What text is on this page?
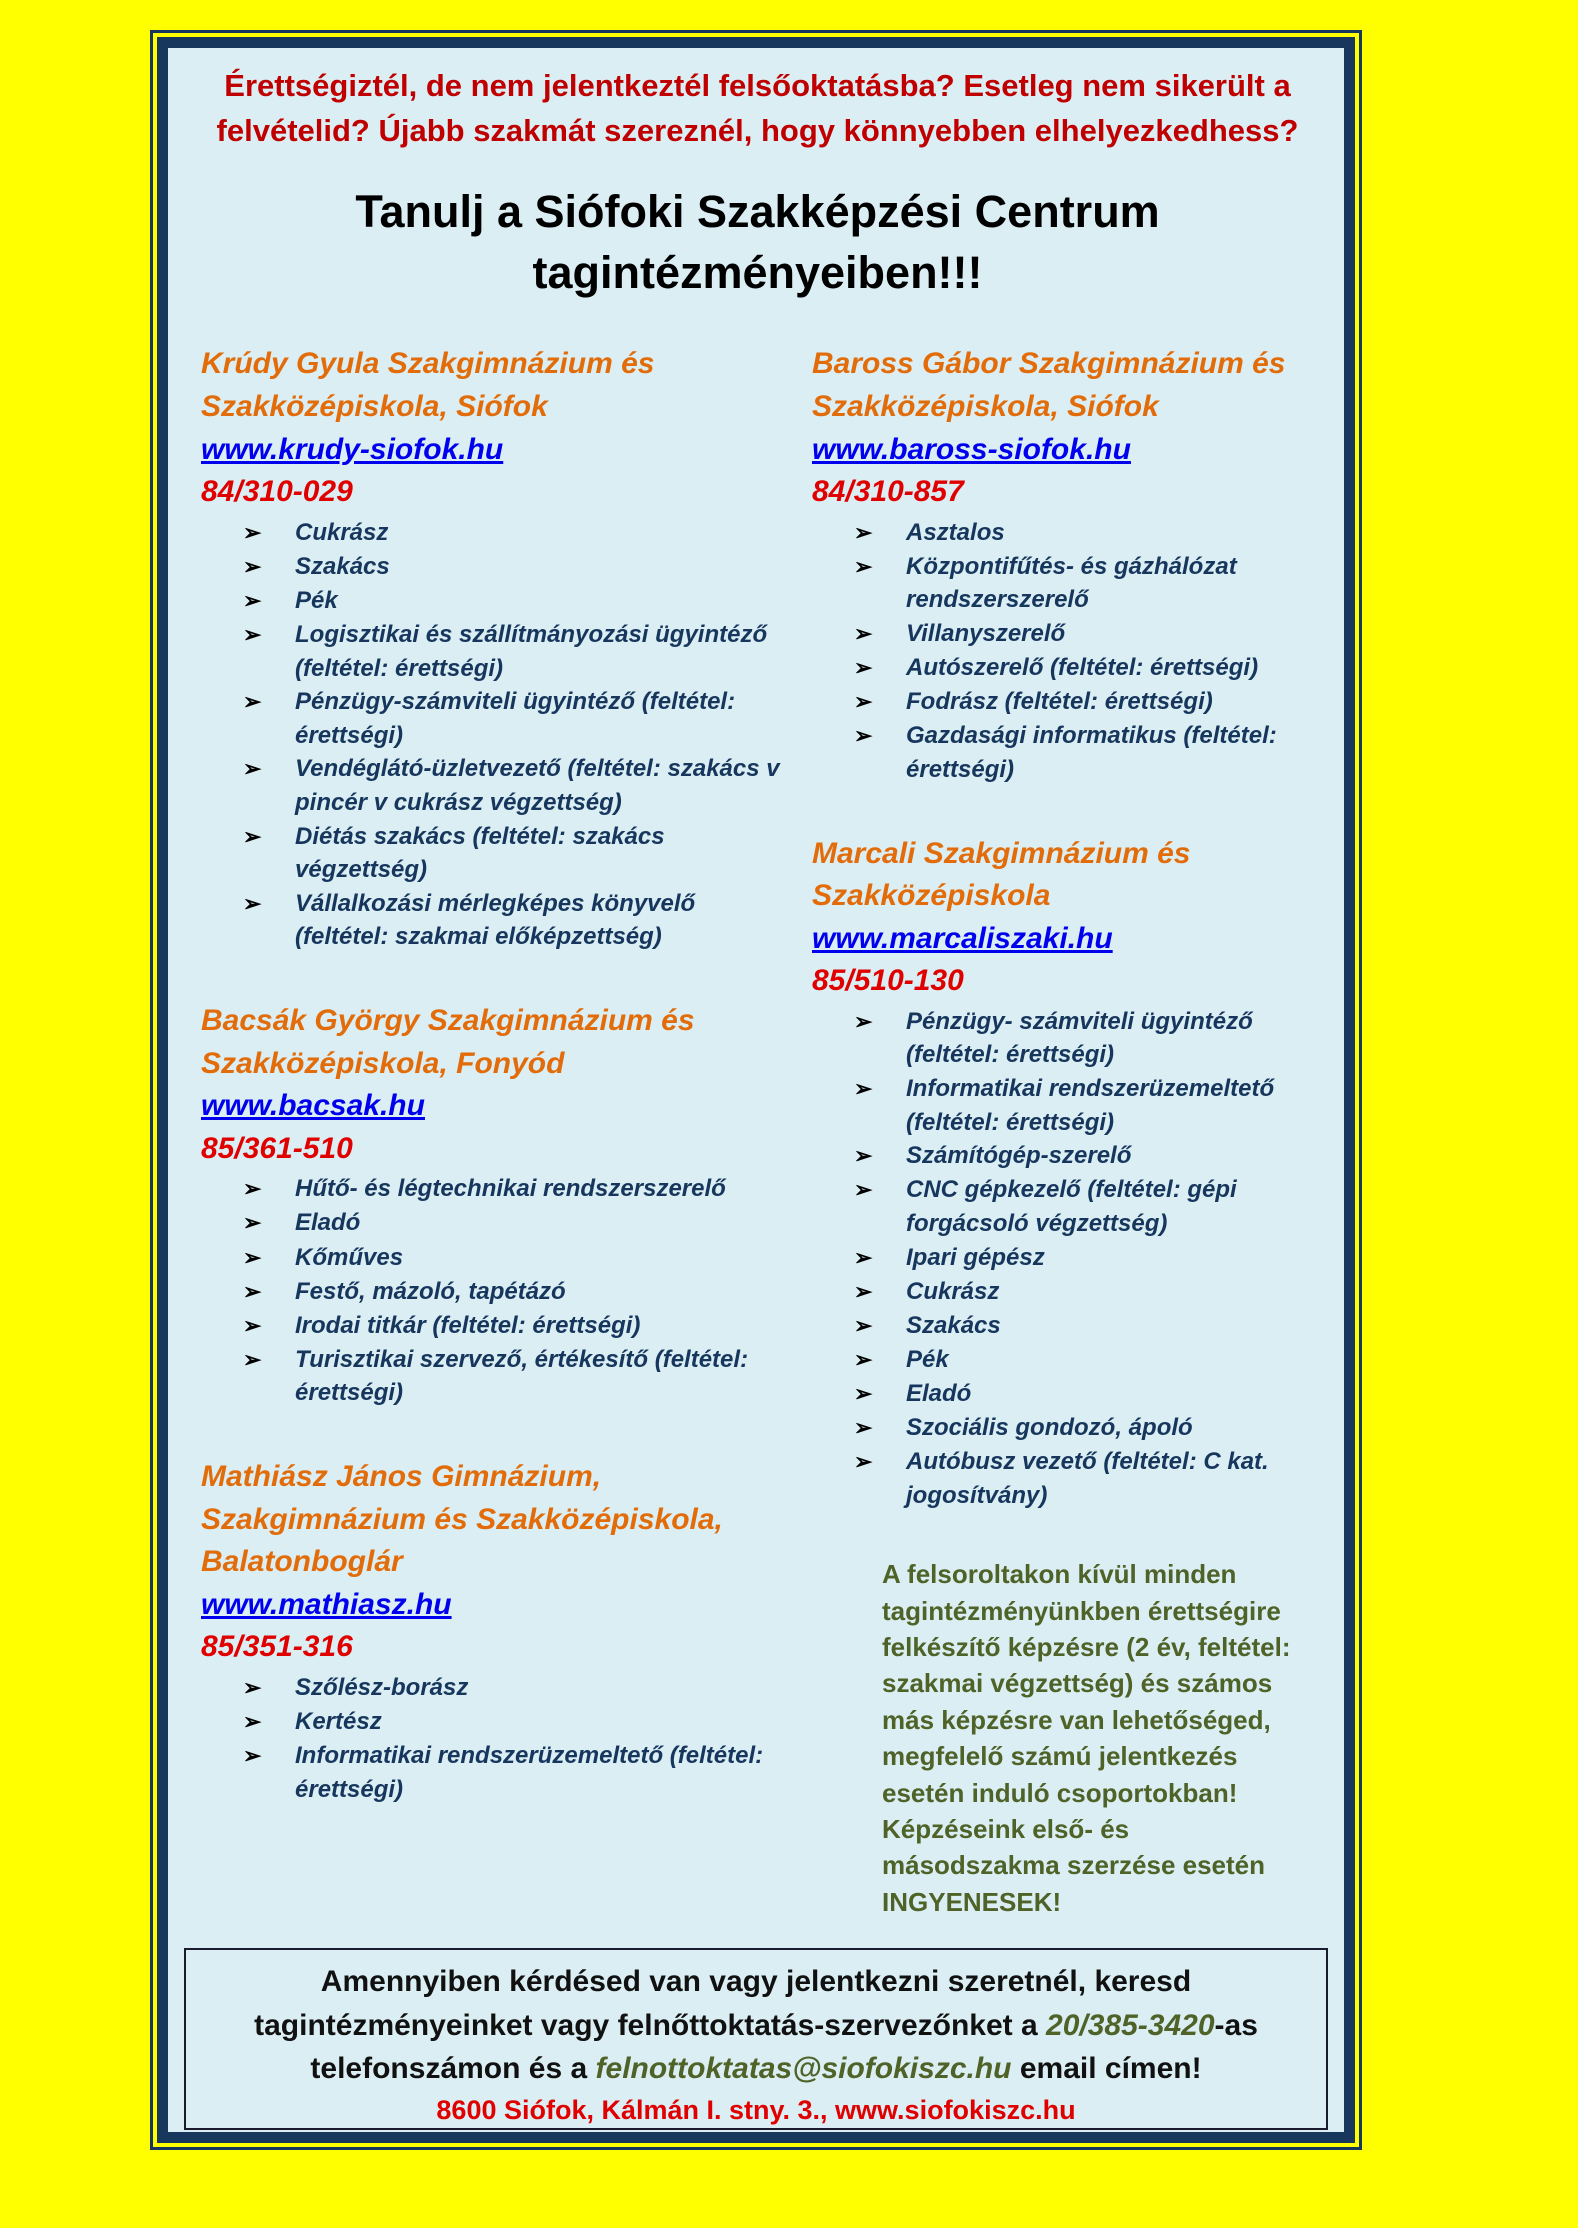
Érettségiztél, de nem jelentkeztél felsőoktatásba? Esetleg nem sikerült a felvételid? Újabb szakmát szereznél, hogy könnyebben elhelyezkedhess?

Tanulj a Siófoki Szakképzési Centrum tagintézményeiben!!!
Krúdy Gyula Szakgimnázium és Szakközépiskola, Siófok
www.krudy-siofok.hu
84/310-029
➢	Cukrász
➢	Szakács
➢	Pék
➢	Logisztikai és szállítmányozási ügyintéző (feltétel: érettségi)
➢	Pénzügy-számviteli ügyintéző (feltétel: érettségi)
➢	Vendéglátó-üzletvezető (feltétel: szakács v pincér v cukrász végzettség)
➢	Diétás szakács (feltétel: szakács végzettség)
➢	Vállalkozási mérlegképes könyvelő (feltétel: szakmai előképzettség)
Bacsák György Szakgimnázium és Szakközépiskola, Fonyód
www.bacsak.hu
85/361-510
➢	Hűtő- és légtechnikai rendszerszerelő
➢	Eladó
➢	Kőműves
➢	Festő, mázoló, tapétázó
➢	Irodai titkár (feltétel: érettségi)
➢	Turisztikai szervező, értékesítő (feltétel: érettségi)
Mathiász János Gimnázium, Szakgimnázium és Szakközépiskola, Balatonboglár
www.mathiasz.hu
85/351-316
➢	Szőlész-borász
➢	Kertész
➢	Informatikai rendszerüzemeltető (feltétel: érettségi)
Baross Gábor Szakgimnázium és Szakközépiskola, Siófok
www.baross-siofok.hu
84/310-857
➢	Asztalos
➢	Központifűtés- és gázhálózat rendszerszerelő
➢	Villanyszerelő
➢	Autószerelő (feltétel: érettségi)
➢	Fodrász (feltétel: érettségi)
➢	Gazdasági informatikus (feltétel: érettségi)
Marcali Szakgimnázium és Szakközépiskola
www.marcaliszaki.hu
85/510-130
➢	Pénzügy- számviteli ügyintéző (feltétel: érettségi)
➢	Informatikai rendszerüzemeltető (feltétel: érettségi)
➢	Számítógép-szerelő
➢	CNC gépkezelő (feltétel: gépi forgácsoló végzettség)
➢	Ipari gépész
➢	Cukrász
➢	Szakács
➢	Pék
➢	Eladó
➢	Szociális gondozó, ápoló
➢	Autóbusz vezető (feltétel: C kat. jogosítvány)

A felsoroltakon kívül minden tagintézményünkben érettségire felkészítő képzésre (2 év, feltétel: szakmai végzettség) és számos más képzésre van lehetőséged, megfelelő számú jelentkezés esetén induló csoportokban!

Képzéseink első- és másodszakma szerzése esetén INGYENESEK!

Amennyiben kérdésed van vagy jelentkezni szeretnél, keresd tagintézményeinket vagy felnőttoktatás-szervezőnket a 20/385-3420-as telefonszámon és a felnottoktatas@siofokiszc.hu email címen!

8600 Siófok, Kálmán I. stny. 3., www.siofokiszc.hu
